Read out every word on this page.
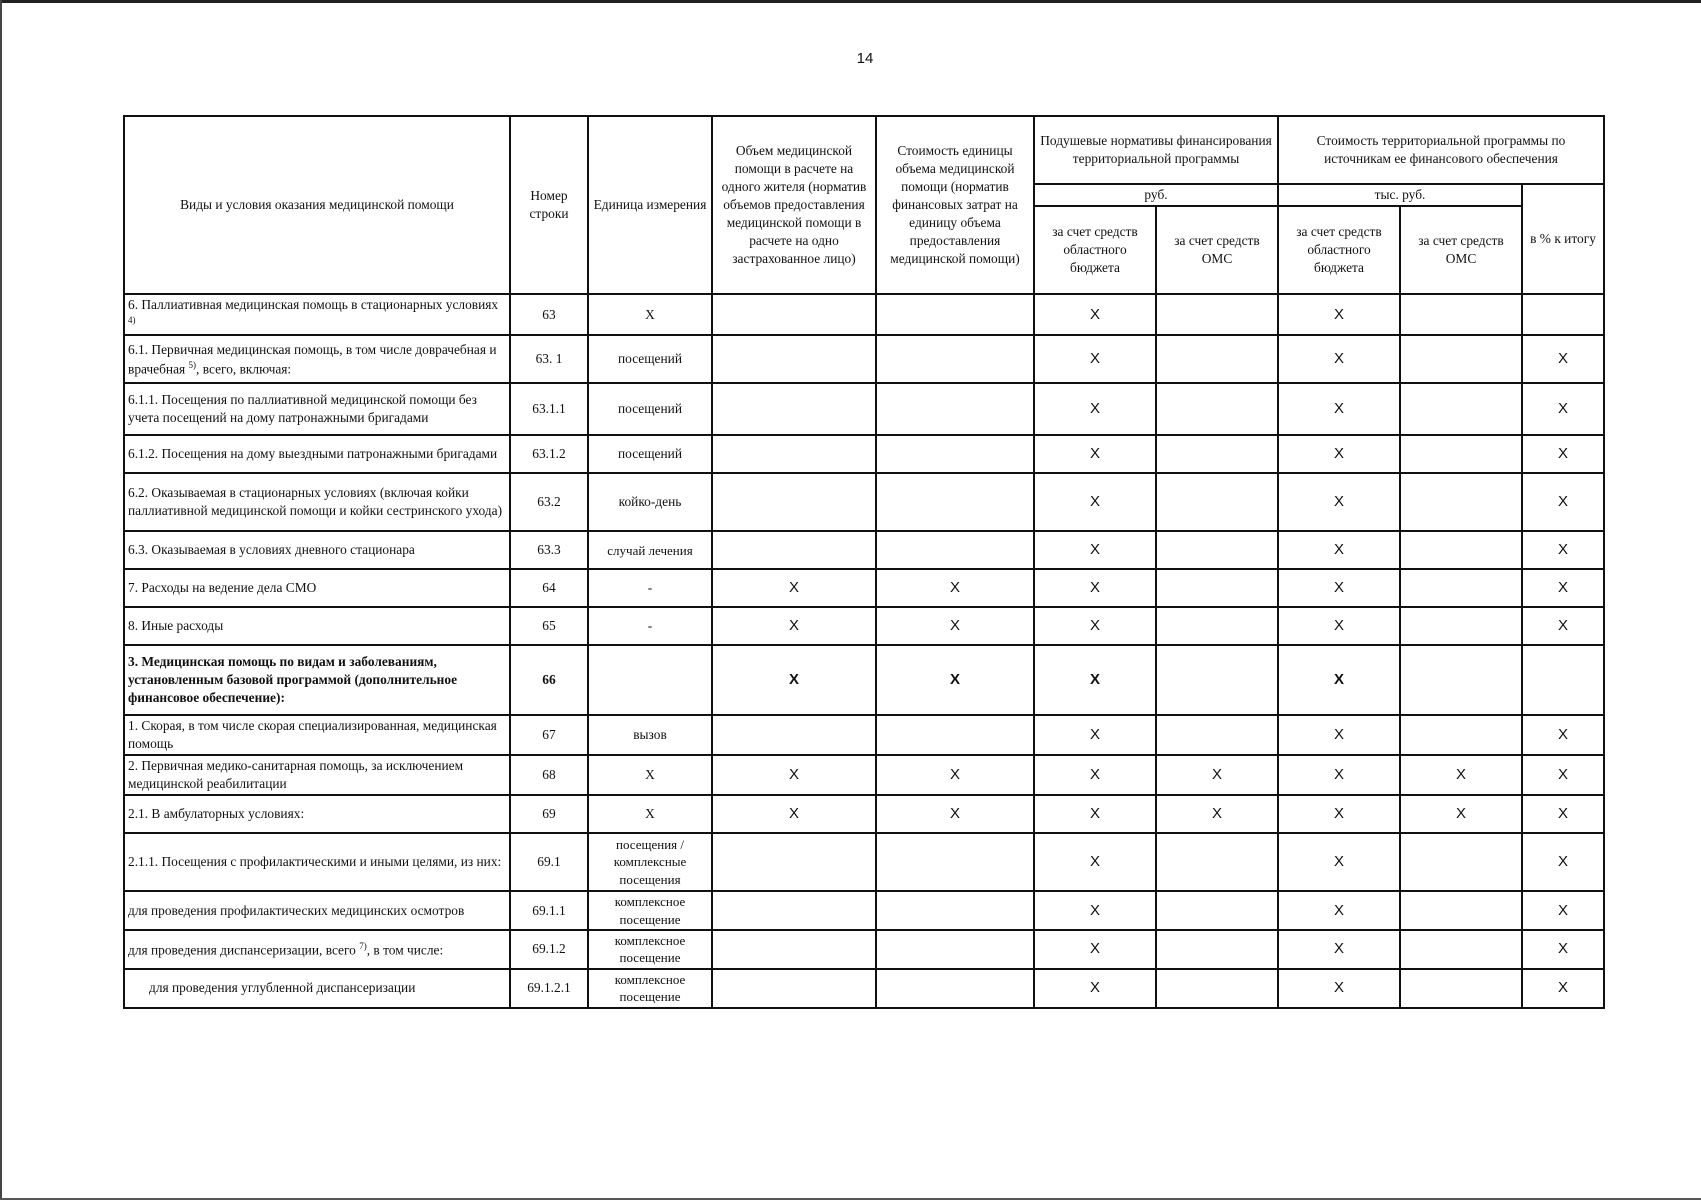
14
Виды и условия оказания медицинской помощи	Номер строки	Единица измерения	Объем медицинской помощи в расчете на одного жителя (норматив объемов предоставления медицинской помощи в расчете на одно застрахованное лицо)	Стоимость единицы объема медицинской помощи (норматив финансовых затрат на единицу объема предоставления медицинской помощи)	Подушевые нормативы финансирования территориальной программы		Стоимость территориальной программы по источникам ее финансового обеспечения		
					руб.		тыс. руб.		в % к итогу
					за счет средств областного бюджета	за счет средств ОМС	за счет средств областного бюджета	за счет средств ОМС	
6. Паллиативная медицинская помощь в стационарных условиях $^{4)}$	63	X			X		X		
6.1. Первичная медицинская помощь, в том числе доврачебная и врачебная $^{5)}$, всего, включая:	63. 1	посещений			X		X		X
6.1.1. Посещения по паллиативной медицинской помощи без учета посещений на дому патронажными бригадами	63.1.1	посещений			X		X		X
6.1.2. Посещения на дому выездными патронажными бригадами	63.1.2	посещений			X		X		X
6.2. Оказываемая в стационарных условиях (включая койки паллиативной медицинской помощи и койки сестринского ухода)	63.2	койко-день			X		X		X
6.3. Оказываемая в условиях дневного стационара	63.3	случай лечения			X		X		X
7. Расходы на ведение дела СМО	64	-	X	X	X		X		X
8. Иные расходы	65	-	X	X	X		X		X
3. Медицинская помощь по видам и заболеваниям, установленным базовой программой (дополнительное финансовое обеспечение):	66		X	X	X		X		
1. Скорая, в том числе скорая специализированная, медицинская помощь	67	вызов			X		X		X
2. Первичная медико-санитарная помощь, за исключением медицинской реабилитации	68	X	X	X	X	X	X	X	X
2.1. В амбулаторных условиях:	69	X	X	X	X	X	X	X	X
2.1.1. Посещения с профилактическими и иными целями, из них:	69.1	посещения / комплексные посещения			X		X		X
для проведения профилактических медицинских осмотров	69.1.1	комплексное посещение			X		X		X
для проведения диспансеризации, всего $^{7)}$, в том числе:	69.1.2	комплексное посещение			X		X		X
для проведения углубленной диспансеризации	69.1.2.1	комплексное посещение			X		X		X
